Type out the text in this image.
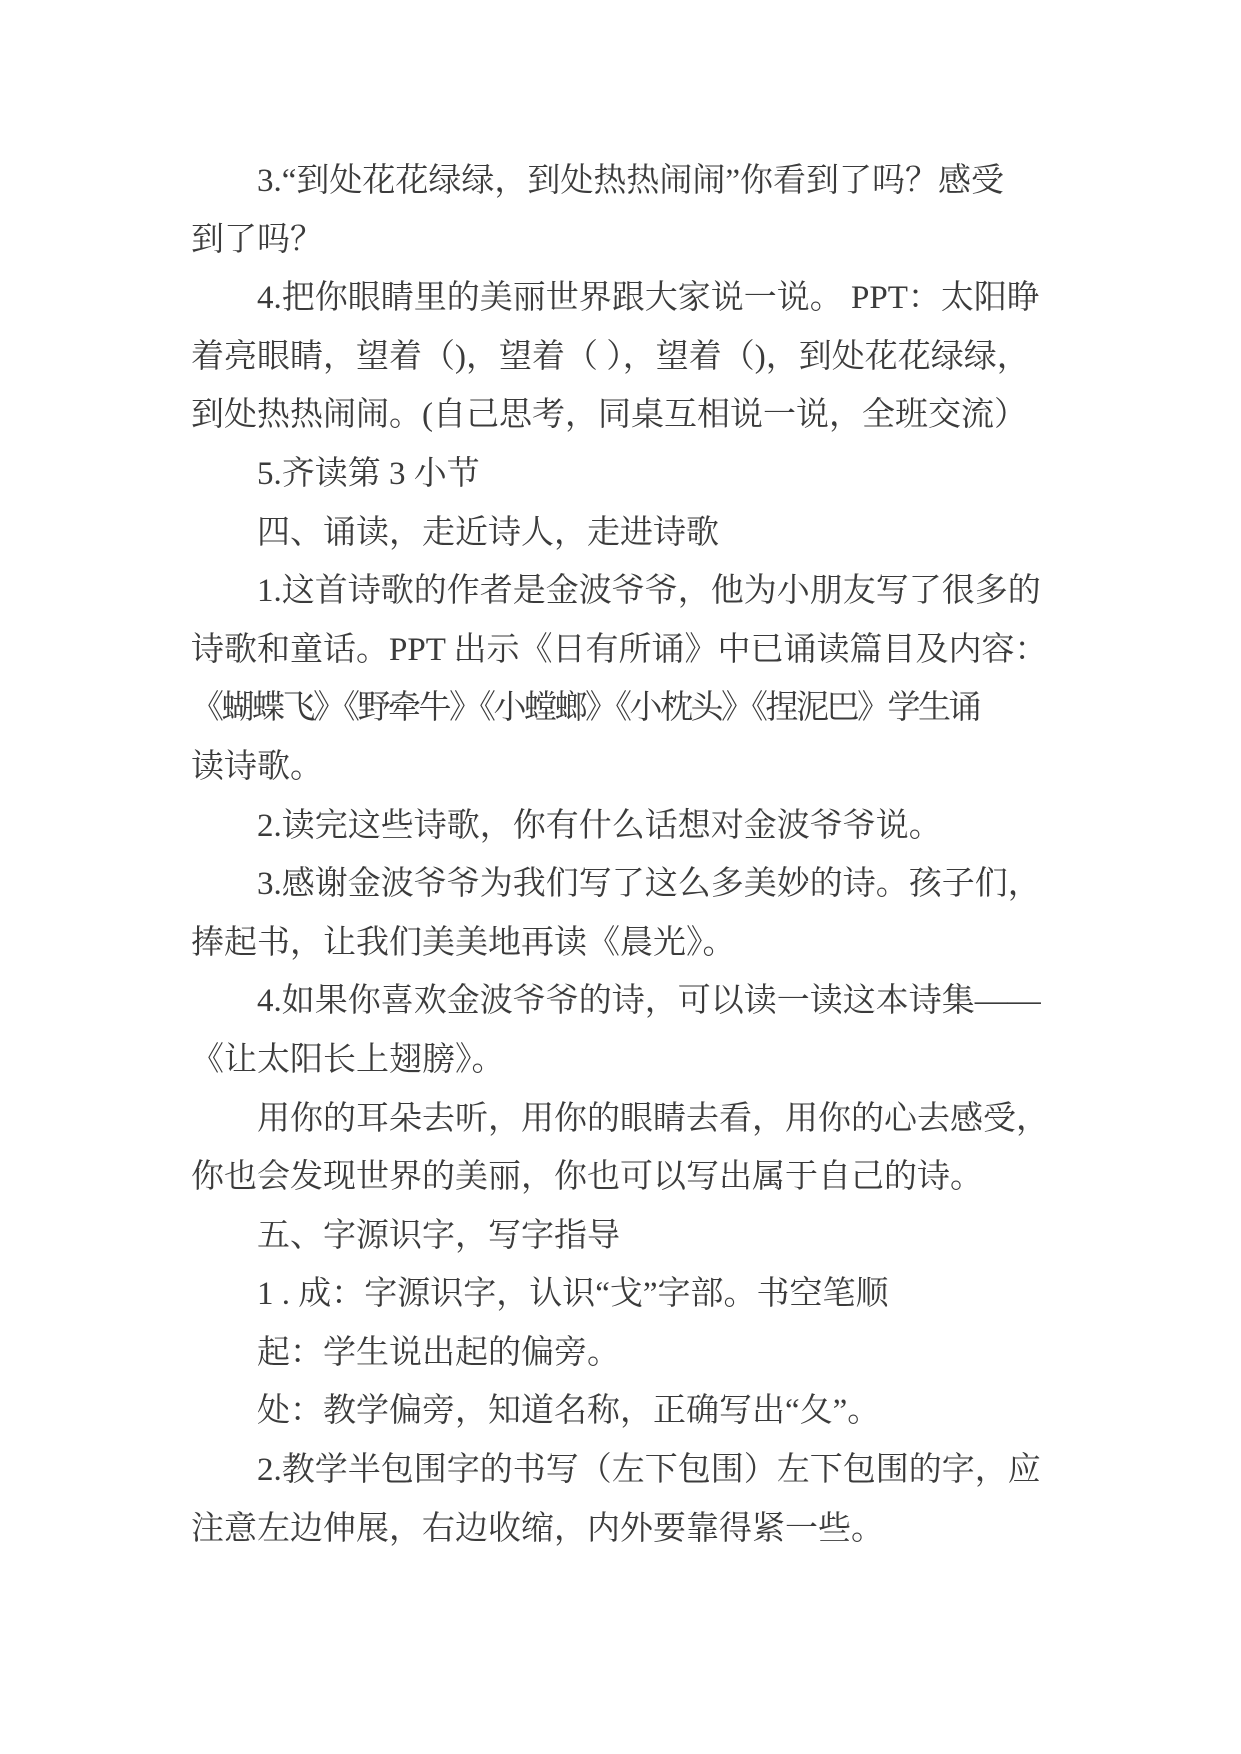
3.“到处花花绿绿，到处热热闹闹”你看到了吗？感受
到了吗？
4.把你眼睛里的美丽世界跟大家说一说。 PPT：太阳睁
着亮眼睛，望着（)，望着（ ），望着（)，到处花花绿绿，
到处热热闹闹。(自己思考，同桌互相说一说，全班交流）
5.齐读第 3 小节
四、诵读，走近诗人，走进诗歌
1.这首诗歌的作者是金波爷爷，他为小朋友写了很多的
诗歌和童话。PPT 出示《日有所诵》中已诵读篇目及内容：
《蝴蝶飞》《野牵牛》《小螳螂》《小枕头》《捏泥巴》学生诵
读诗歌。
2.读完这些诗歌，你有什么话想对金波爷爷说。
3.感谢金波爷爷为我们写了这么多美妙的诗。孩子们，
捧起书，让我们美美地再读《晨光》。
4.如果你喜欢金波爷爷的诗，可以读一读这本诗集——
《让太阳长上翅膀》。
用你的耳朵去听，用你的眼睛去看，用你的心去感受，
你也会发现世界的美丽，你也可以写出属于自己的诗。
五、字源识字，写字指导
1 . 成：字源识字，认识“戈”字部。书空笔顺
起：学生说出起的偏旁。
处：教学偏旁，知道名称，正确写出“夂”。
2.教学半包围字的书写（左下包围）左下包围的字，应
注意左边伸展，右边收缩，内外要靠得紧一些。
